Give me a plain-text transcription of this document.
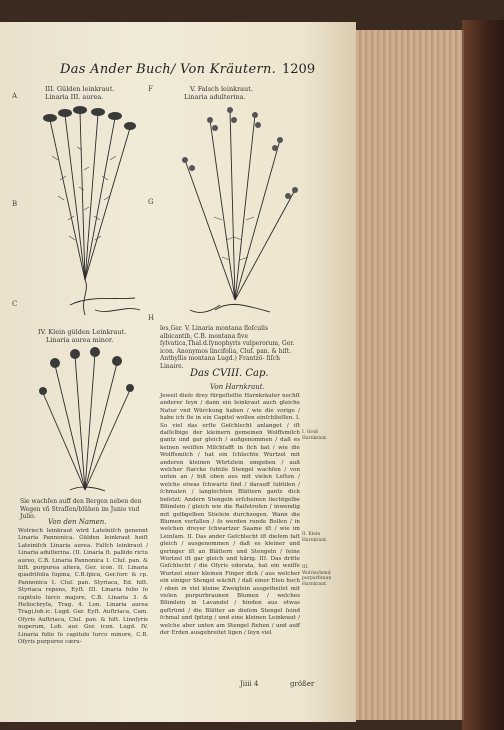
Das Ander Buch/ Von Kräutern. 1209
A
F
B	G
C
H
III. Gülden leinkraut.
Linaria III. aurea.
V. Falsch leinkraut.
Linaria adulterina.
IV. Klein gülden Leinkraut.
Linaria aurea minor.
Sie wachſen auff den Bergen neben den Wegen vñ Straſſen/blühen im Junio vnd Julio.
Von den Namen.
Wolriech leinkraut wird Lateiniſch genennt Linaria Pannonica. Gülden leinkraut heiſt Lateiniſch Linaria aurea. Falſch leinkraut / Linaria adulterina. (II. Linaria ſt. pallido rictu aureo, C.B. Linaria Pannonica 1. Cluſ. pan. & hiſt. purpurea altera, Ger. icon. II. Linaria quadrifolia ſupina, C.B.ſpica, Ger.ſorr. & cp. Pannonica 1. Cluſ. pan. Styriaca, Ed. hiſt. Styriaca repens, Eyſt. III. Linaria folio ſo capitulo lurco majore, C.B. Linaria 3. & Heliochryſa, Trag. 4. Lon. Linaria aurea Tragi,lob.ic. Lugd. Ger. Eyſt. Auſtriaca, Cam. Oſyris Auſtriaca, Cluſ. pan. & hiſt. Linoſyris nuperum, Lob. aur. Ger. icon. Lugd. IV. Linaria folio ſo capitulo lurco minore, C.B. Oſyris purpureo cæru-
les,Ger. V. Linaria montana floſculis albicantib, C.B. montana five ſylvatica,Thal.d.ſynophyris vulperorum, Ger. icon. Anonymos lincifolia, Cluſ. pan. & hiſt. Anthyllis montana Lugd.) Frantzö- ſiſch Linaire.
Das CVIII. Cap.
Von Harnkraut.
Jeweil dieſe drey fürgeſtellte Harnkräuter nechſt anderer ſeyn / dann ein leinkraut auch gleiche Natur vnd Würckung haben / wie die vorige / habe ich ſie in ein Capitel wollen einſchlieſſen. I. So viel das erſte Geſchlecht anlanget / iſt daſſelbige der kleinern gemeinen Wolffsmilch gantz und gar gleich / außgenommen / daß es keinen weiſſen Milchſafft in ſich hat / wie die Wolffsmilch / hat ein ſchlechte Wurtzel mit anderen kleinen Würtzlein umgeben / auß welcher ſtarcke ſubtile Stengel wachſen / von unten an / biß oben aus mit vielen Leſten / welche etwas ſchwartz ſind / darauff ſubtilen / ſchmalen / langlechten Blättern gantz dick beſetzt: Andern Stengeln erſcheinen liechtgelbe Blümlein / gleich wie die Raiſetroſen / inwendig mit gelbgelben Stielein durchzogen. Wann die Blumen verfallen / ſo werden runde Bollen / in welchen dreyer ſchwartzer Saame iſt / wie im Leinſam. II. Das ander Geſchlecht iſt dieſem faſt gleich / ausgenommen / daß es kleiner und geringer iſt an Blättern und Stengeln / ſeine Wurtzel iſt gar gleich und härig. III. Das dritte Geſchlecht / die Oſyris odorata, hat ein weiſſe Wurtzel einer kleinen Finger dick / aus welcher ein einiger Stengel wächſt / daß einer Elen hoch / oben in viel kleine Zweiglein ausgetheilet mit vielen purpurbraunen Blumen / welches Blümlein in Lavandel / hinden aus etwas geſtrümt / die Blätter an dieſem Stengel ſeind ſchmal und ſpitzig / und eine kleinen Leinkraut / welche aber unten am Stengel ſtehen / und auff der Erden ausgebreitet ligen / ſeyn viel
I. Groß Harnkraut.
II. Klein Harnkraut.
III. Wolriechend purpurbraun Harnkraut.
Jiiii 4	größer
